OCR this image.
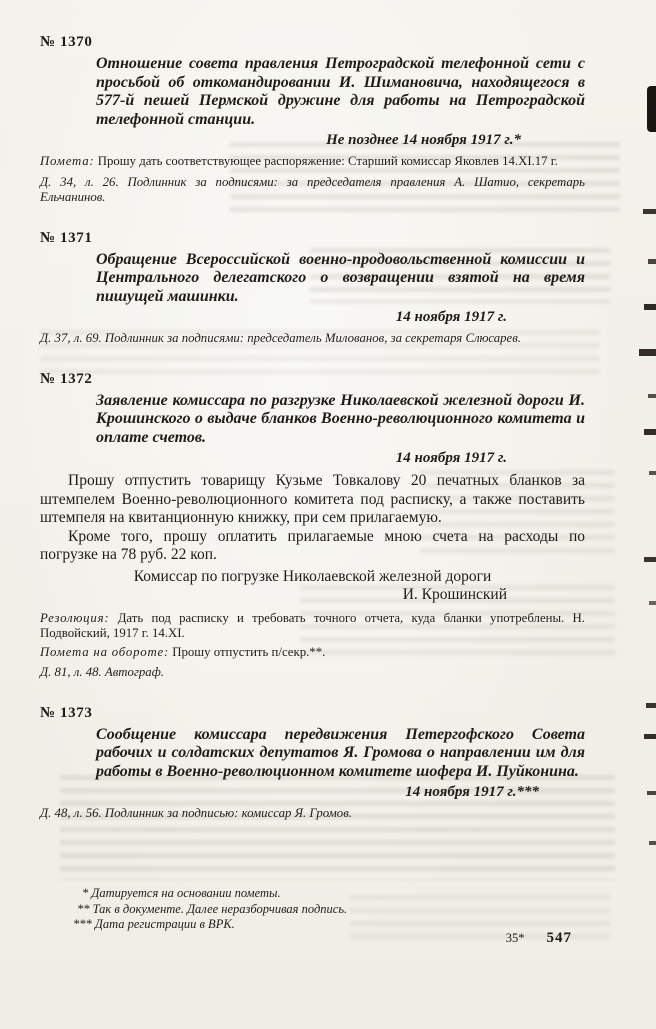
№ 1370

Отношение совета правления Петроградской телефонной сети с просьбой об откомандировании И. Шимановича, находящегося в 577-й пешей Пермской дружине для работы на Петроградской телефонной станции.

Не позднее 14 ноября 1917 г.*

Помета: Прошу дать соответствующее распоряжение: Старший комиссар Яковлев 14.XI.17 г.

Д. 34, л. 26. Подлинник за подписями: за председателя правления А. Шатио, секретарь Ельчанинов.

№ 1371

Обращение Всероссийской военно-продовольственной комиссии и Центрального делегатского о возвращении взятой на время пишущей машинки.

14 ноября 1917 г.

Д. 37, л. 69. Подлинник за подписями: председатель Милованов, за секретаря Слюсарев.

№ 1372

Заявление комиссара по разгрузке Николаевской железной дороги И. Крошинского о выдаче бланков Военно-революционного комитета и оплате счетов.

14 ноября 1917 г.

Прошу отпустить товарищу Кузьме Товкалову 20 печатных бланков за штемпелем Военно-революционного комитета под расписку, а также поставить штемпеля на квитанционную книжку, при сем прилагаемую.

Кроме того, прошу оплатить прилагаемые мною счета на расходы по погрузке на 78 руб. 22 коп.

Комиссар по погрузке Николаевской железной дороги

И. Крошинский

Резолюция: Дать под расписку и требовать точного отчета, куда бланки употреблены. Н. Подвойский, 1917 г. 14.XI.

Помета на обороте: Прошу отпустить п/секр.**.

Д. 81, л. 48. Автограф.

№ 1373

Сообщение комиссара передвижения Петергофского Совета рабочих и солдатских депутатов Я. Громова о направлении им для работы в Военно-революционном комитете шофера И. Пуйконина.

14 ноября 1917 г.***

Д. 48, л. 56. Подлинник за подписью: комиссар Я. Громов.

* Датируется на основании пометы.

** Так в документе. Далее неразборчивая подпись.

*** Дата регистрации в ВРК.

35* 547
